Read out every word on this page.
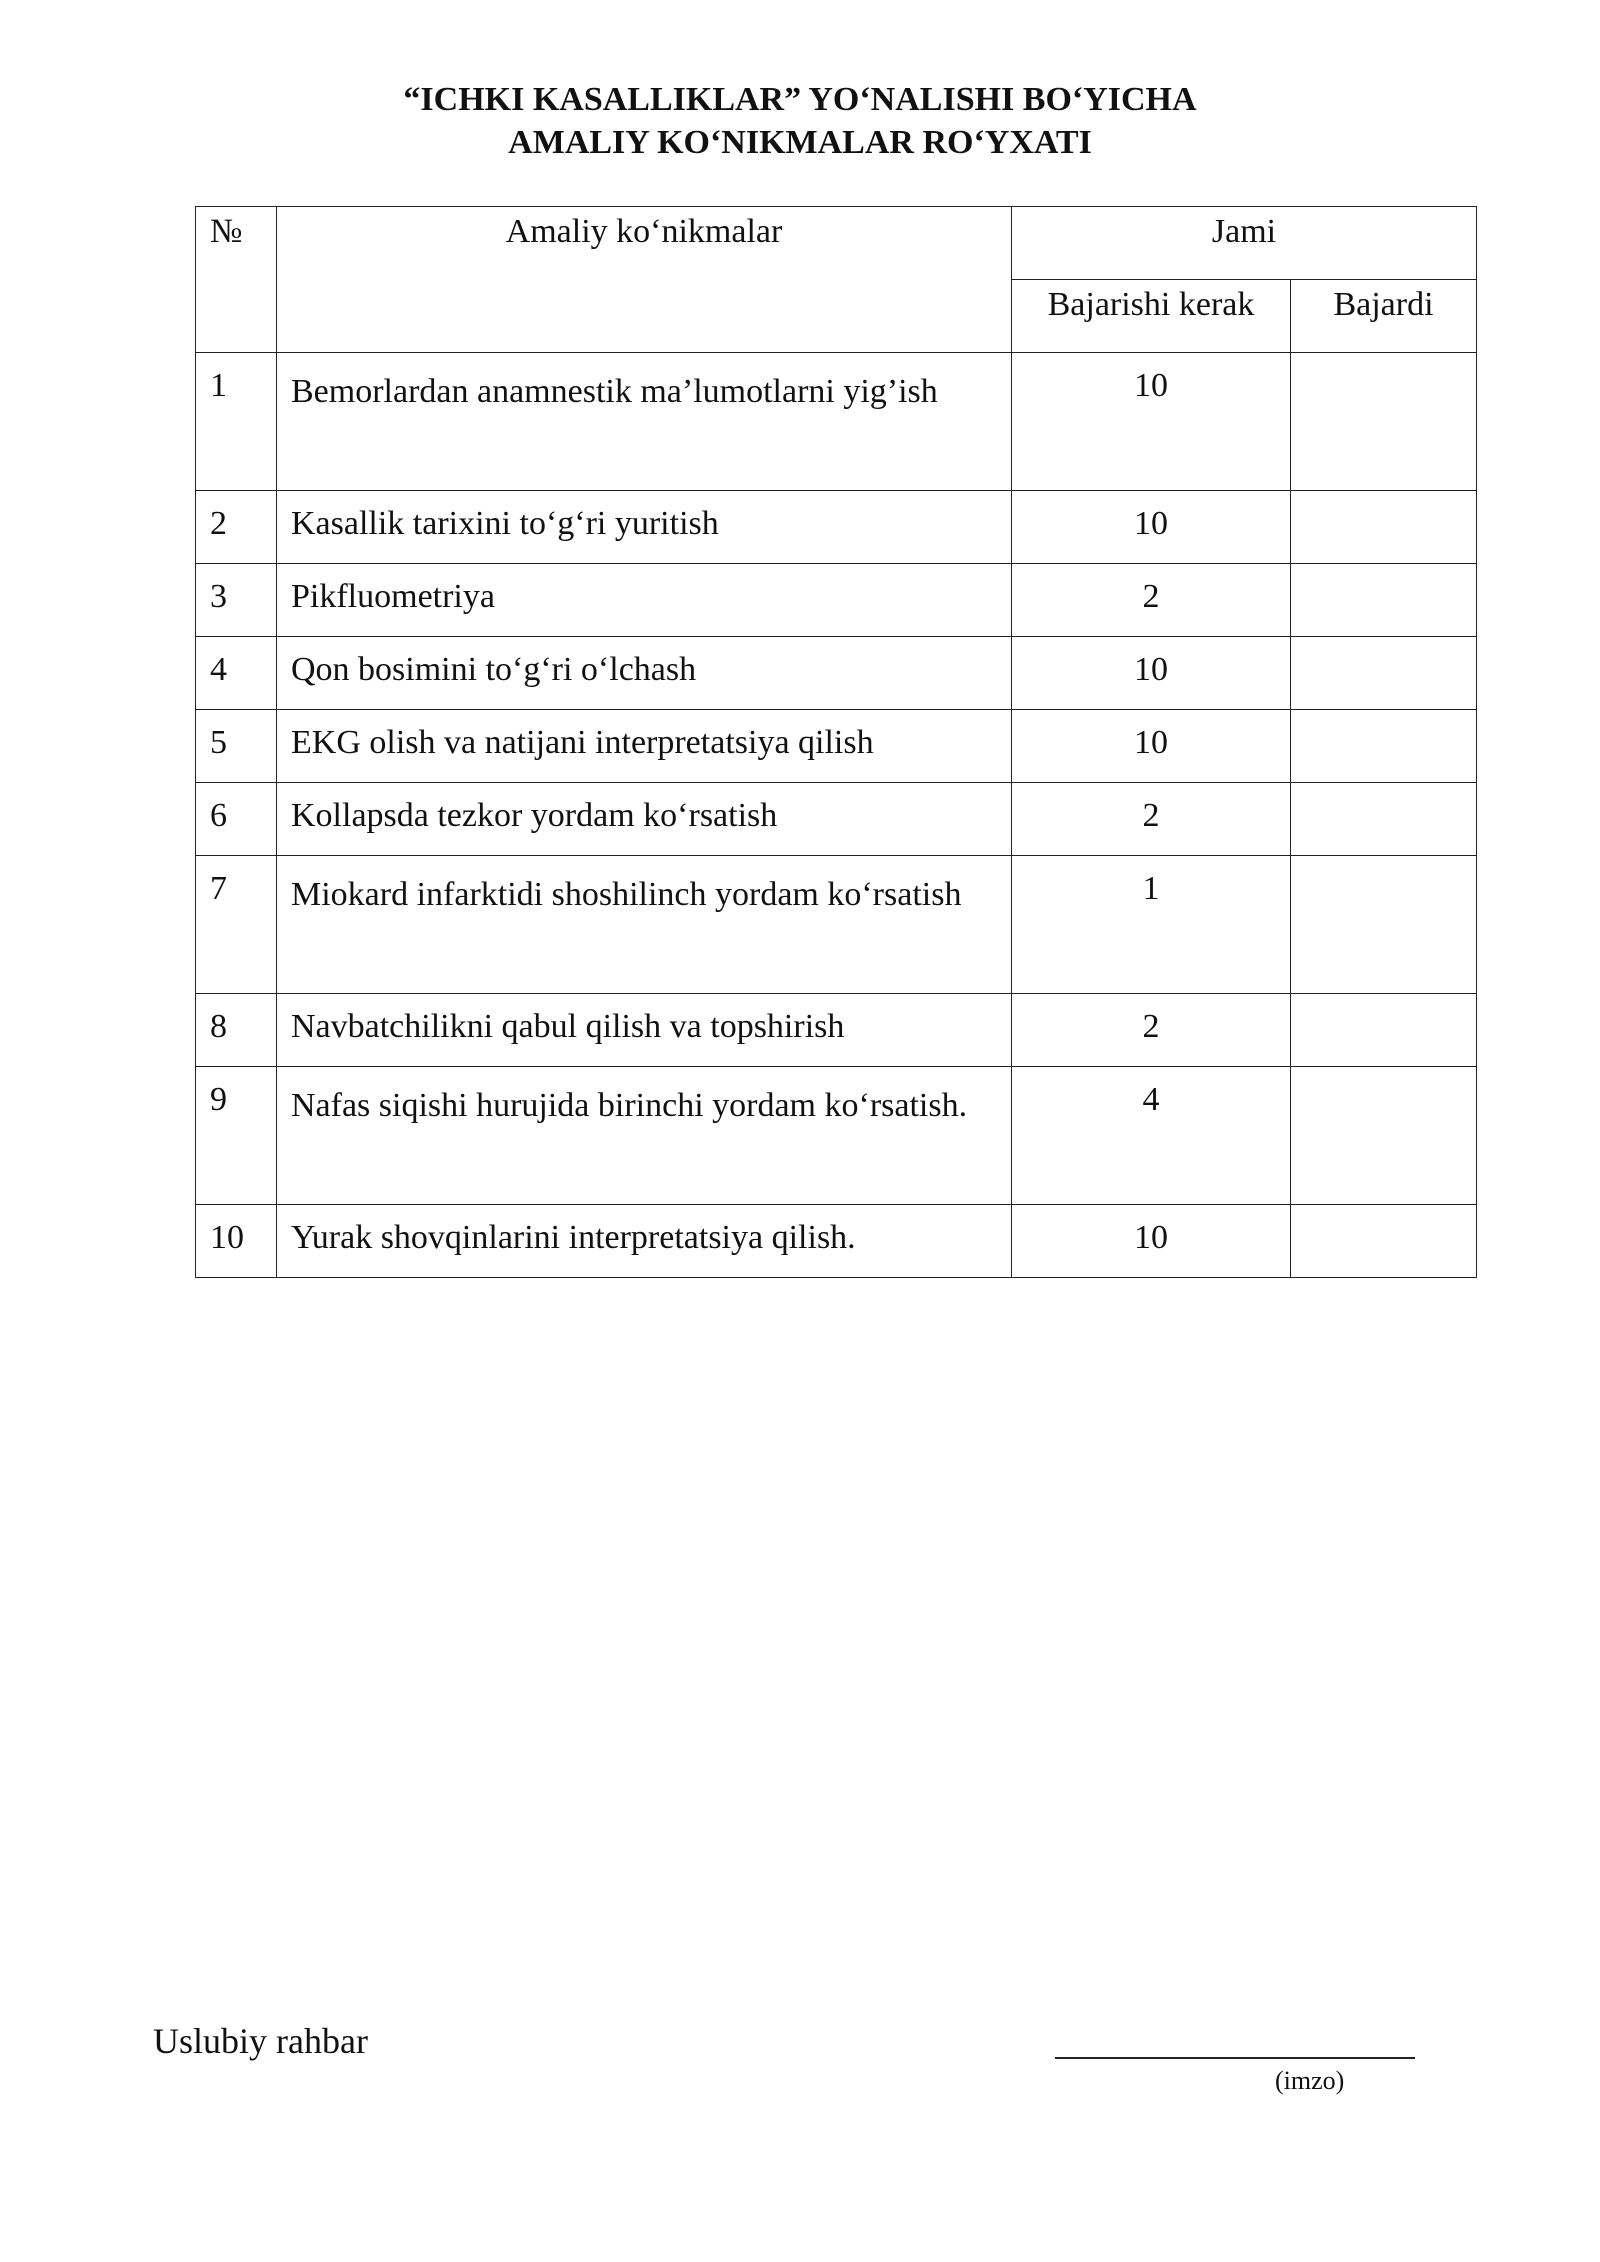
“ICHKI KASALLIKLAR” YO‘NALISHI BO‘YICHA
AMALIY KO‘NIKMALAR RO‘YXATI
№	Amaliy ko‘nikmalar	Jami	
		Bajarishi kerak	Bajardi
1	Bemorlardan anamnestik ma’lumotlarni yig’ish	10	
2	Kasallik tarixini to‘g‘ri yuritish	10	
3	Pikfluometriya	2	
4	Qon bosimini to‘g‘ri o‘lchash	10	
5	EKG olish va natijani interpretatsiya qilish	10	
6	Kollapsda tezkor yordam ko‘rsatish	2	
7	Miokard infarktidi shoshilinch yordam ko‘rsatish	1	
8	Navbatchilikni qabul qilish va topshirish	2	
9	Nafas siqishi hurujida birinchi yordam ko‘rsatish.	4	
10	Yurak shovqinlarini interpretatsiya qilish.	10	
Uslubiy rahbar
(imzo)
